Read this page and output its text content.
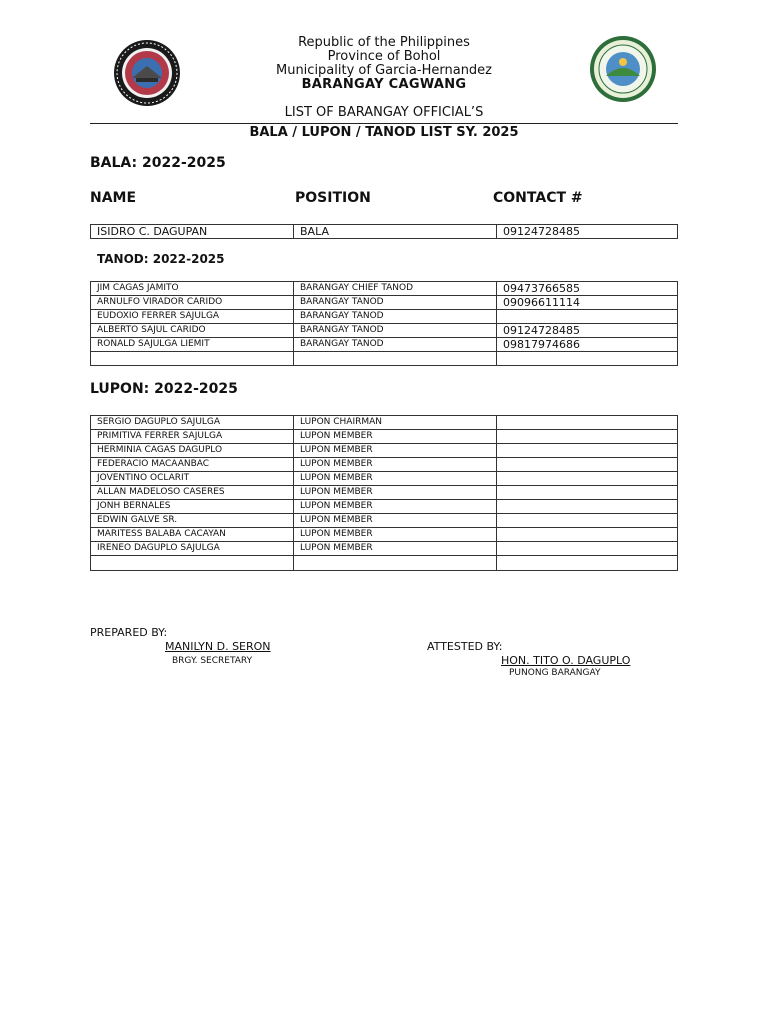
Republic of the Philippines
Province of Bohol
Municipality of Garcia-Hernandez
BARANGAY CAGWANG
LIST OF BARANGAY OFFICIAL’S
BALA / LUPON / TANOD LIST SY. 2025
BALA: 2022-2025
NAME	POSITION	CONTACT #
ISIDRO C. DAGUPAN	BALA	09124728485
TANOD: 2022-2025
JIM CAGAS JAMITO	BARANGAY CHIEF TANOD	09473766585
ARNULFO VIRADOR CARIDO	BARANGAY TANOD	09096611114
EUDOXIO FERRER SAJULGA	BARANGAY TANOD	
ALBERTO SAJUL CARIDO	BARANGAY TANOD	09124728485
RONALD SAJULGA LIEMIT	BARANGAY TANOD	09817974686

LUPON: 2022-2025
SERGIO DAGUPLO SAJULGA	LUPON CHAIRMAN	
PRIMITIVA FERRER SAJULGA	LUPON MEMBER	
HERMINIA CAGAS DAGUPLO	LUPON MEMBER	
FEDERACIO MACAANBAC	LUPON MEMBER	
JOVENTINO OCLARIT	LUPON MEMBER	
ALLAN MADELOSO CASERES	LUPON MEMBER	
JONH BERNALES	LUPON MEMBER	
EDWIN GALVE SR.	LUPON MEMBER	
MARITESS BALABA CACAYAN	LUPON MEMBER	
IRENEO DAGUPLO SAJULGA	LUPON MEMBER	

PREPARED BY:
MANILYN D. SERON
BRGY. SECRETARY
ATTESTED BY:
HON. TITO O. DAGUPLO
PUNONG BARANGAY
